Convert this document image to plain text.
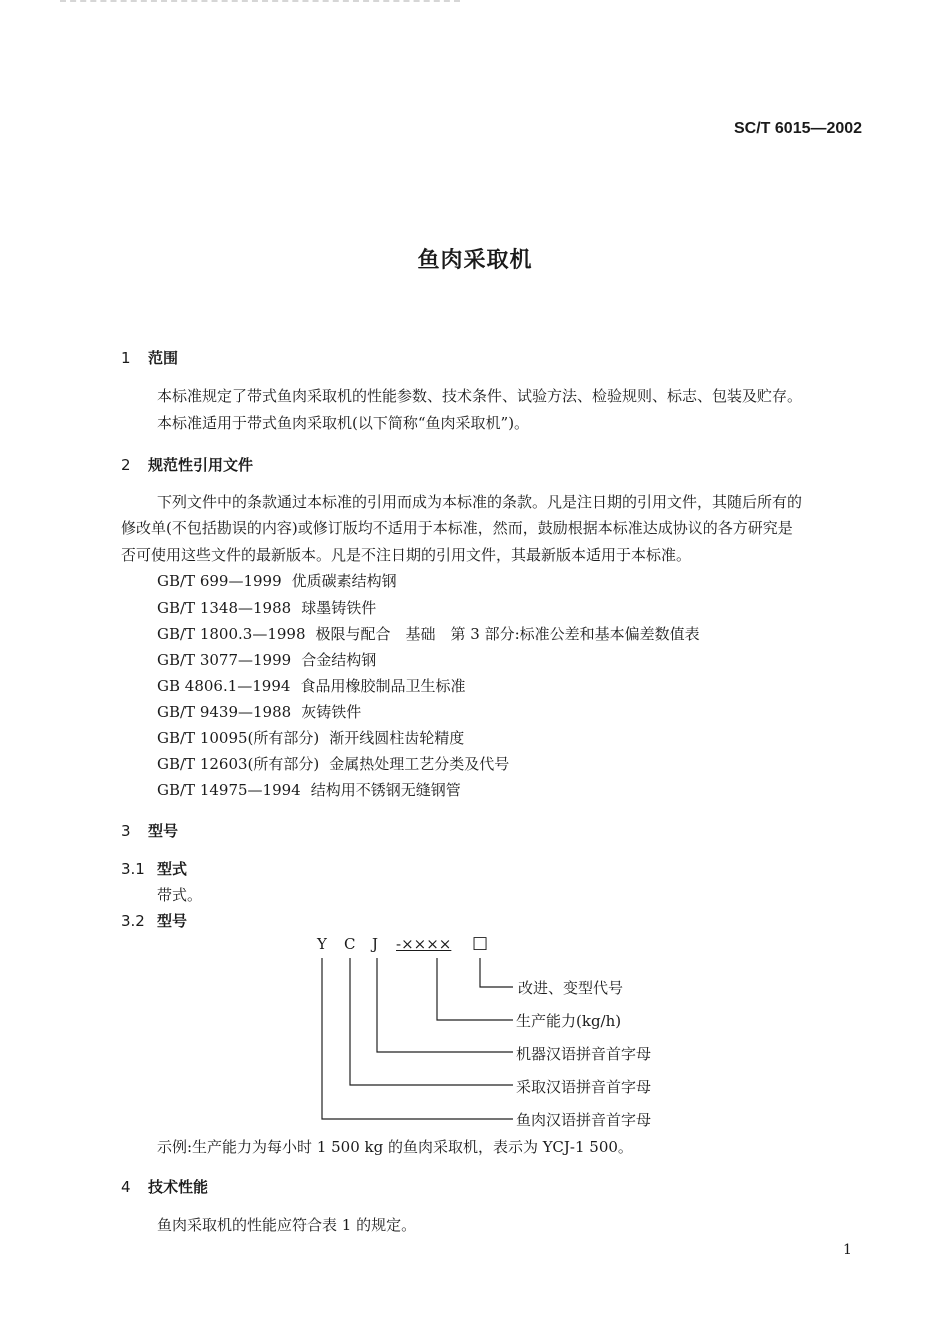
SC/T 6015—2002
鱼肉采取机
1 范围
本标准规定了带式鱼肉采取机的性能参数、技术条件、试验方法、检验规则、标志、包装及贮存。
本标准适用于带式鱼肉采取机(以下简称“鱼肉采取机”)。
2 规范性引用文件
下列文件中的条款通过本标准的引用而成为本标准的条款。凡是注日期的引用文件，其随后所有的
修改单(不包括勘误的内容)或修订版均不适用于本标准，然而，鼓励根据本标准达成协议的各方研究是
否可使用这些文件的最新版本。凡是不注日期的引用文件，其最新版本适用于本标准。
GB/T 699—1999 优质碳素结构钢
GB/T 1348—1988 球墨铸铁件
GB/T 1800.3—1998 极限与配合　基础　第 3 部分:标准公差和基本偏差数值表
GB/T 3077—1999 合金结构钢
GB 4806.1—1994 食品用橡胶制品卫生标准
GB/T 9439—1988 灰铸铁件
GB/T 10095(所有部分) 渐开线圆柱齿轮精度
GB/T 12603(所有部分) 金属热处理工艺分类及代号
GB/T 14975—1994 结构用不锈钢无缝钢管
3 型号
3.1 型式
带式。
3.2 型号
Y C J -×××× □
改进、变型代号
生产能力(kg/h)
机器汉语拼音首字母
采取汉语拼音首字母
鱼肉汉语拼音首字母
示例:生产能力为每小时 1 500 kg 的鱼肉采取机，表示为 YCJ-1 500。
4 技术性能
鱼肉采取机的性能应符合表 1 的规定。
1
